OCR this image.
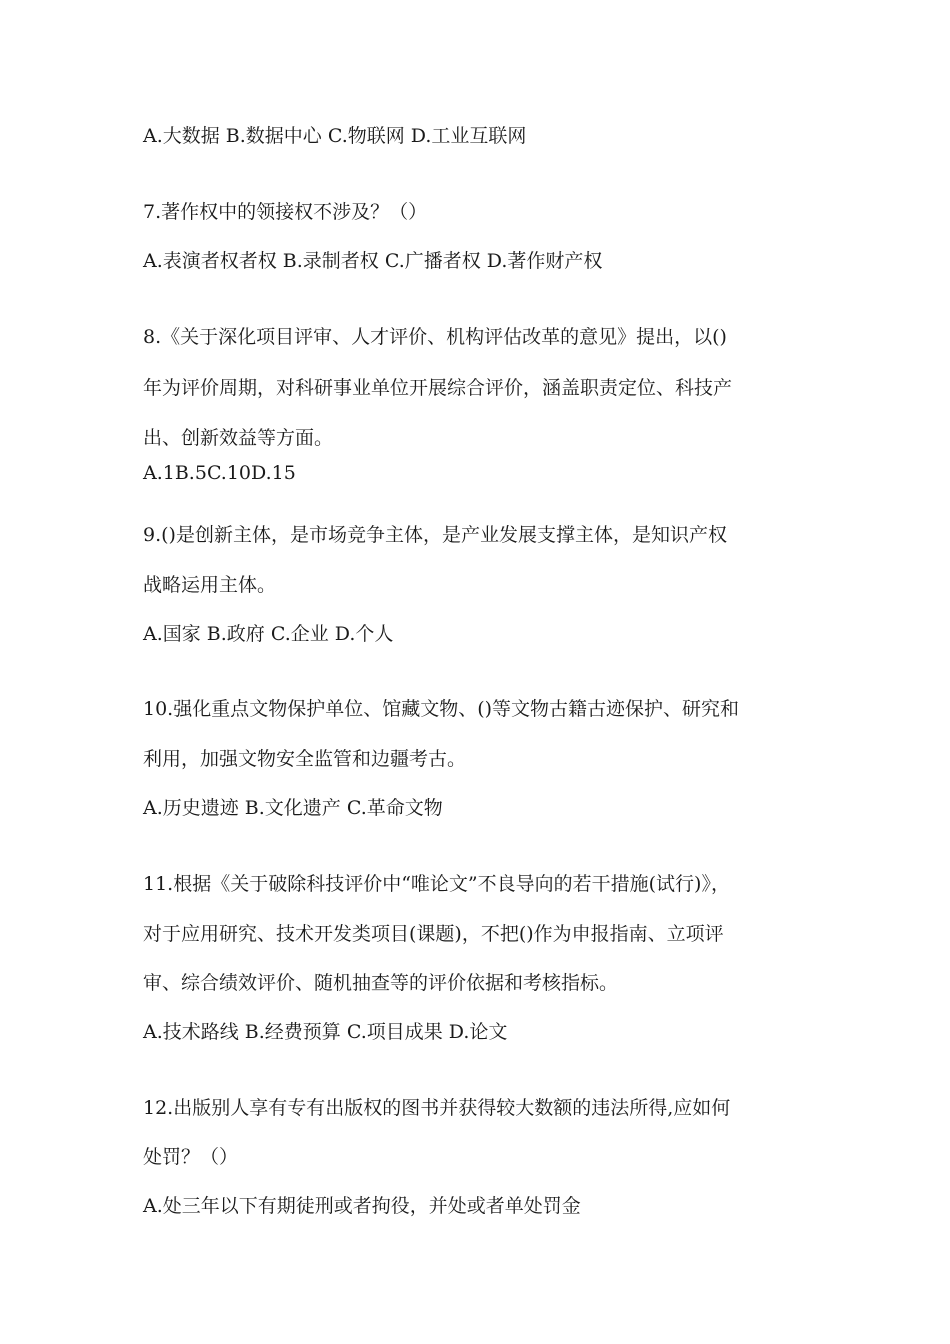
A.大数据 B.数据中心 C.物联网 D.工业互联网
7.著作权中的领接权不涉及？（）
A.表演者权者权 B.录制者权 C.广播者权 D.著作财产权
8.《关于深化项目评审、人才评价、机构评估改革的意见》提出，以()
年为评价周期，对科研事业单位开展综合评价，涵盖职责定位、科技产
出、创新效益等方面。
A.1B.5C.10D.15
9.()是创新主体，是市场竞争主体，是产业发展支撑主体，是知识产权
战略运用主体。
A.国家 B.政府 C.企业 D.个人
10.强化重点文物保护单位、馆藏文物、()等文物古籍古迹保护、研究和
利用，加强文物安全监管和边疆考古。
A.历史遗迹 B.文化遗产 C.革命文物
11.根据《关于破除科技评价中“唯论文”不良导向的若干措施(试行)》，
对于应用研究、技术开发类项目(课题)，不把()作为申报指南、立项评
审、综合绩效评价、随机抽查等的评价依据和考核指标。
A.技术路线 B.经费预算 C.项目成果 D.论文
12.出版别人享有专有出版权的图书并获得较大数额的违法所得,应如何
处罚？（）
A.处三年以下有期徒刑或者拘役，并处或者单处罚金
